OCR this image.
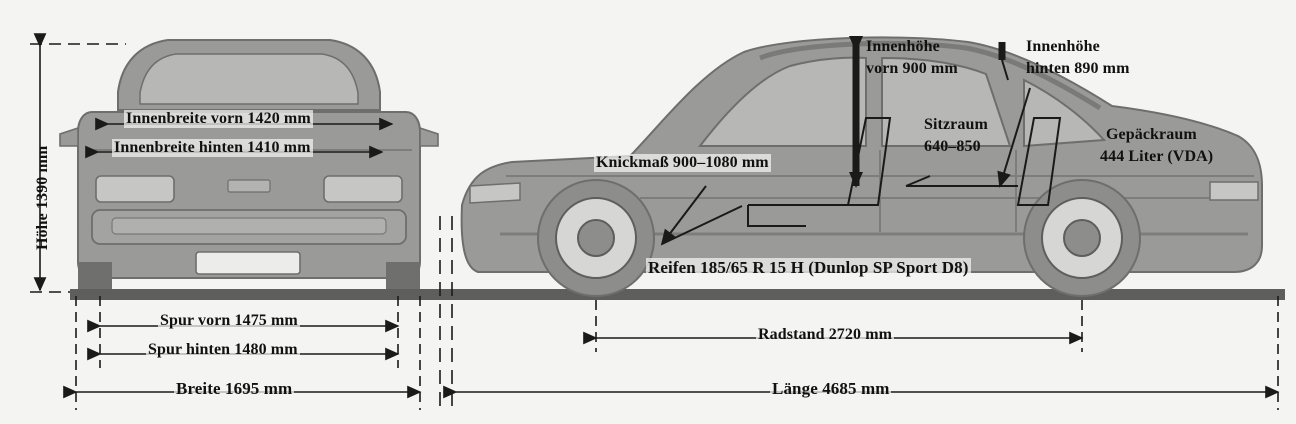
Höhe 1390 mm
Innenbreite vorn 1420 mm
Innenbreite hinten 1410 mm
Spur vorn 1475 mm
Spur hinten 1480 mm
Breite 1695 mm
Innenhöhe
vorn 900 mm
Innenhöhe
hinten 890 mm
Sitzraum
640–850
Gepäckraum
444 Liter (VDA)
Knickmaß 900–1080 mm
Reifen 185/65 R 15 H (Dunlop SP Sport D8)
Radstand 2720 mm
Länge 4685 mm
